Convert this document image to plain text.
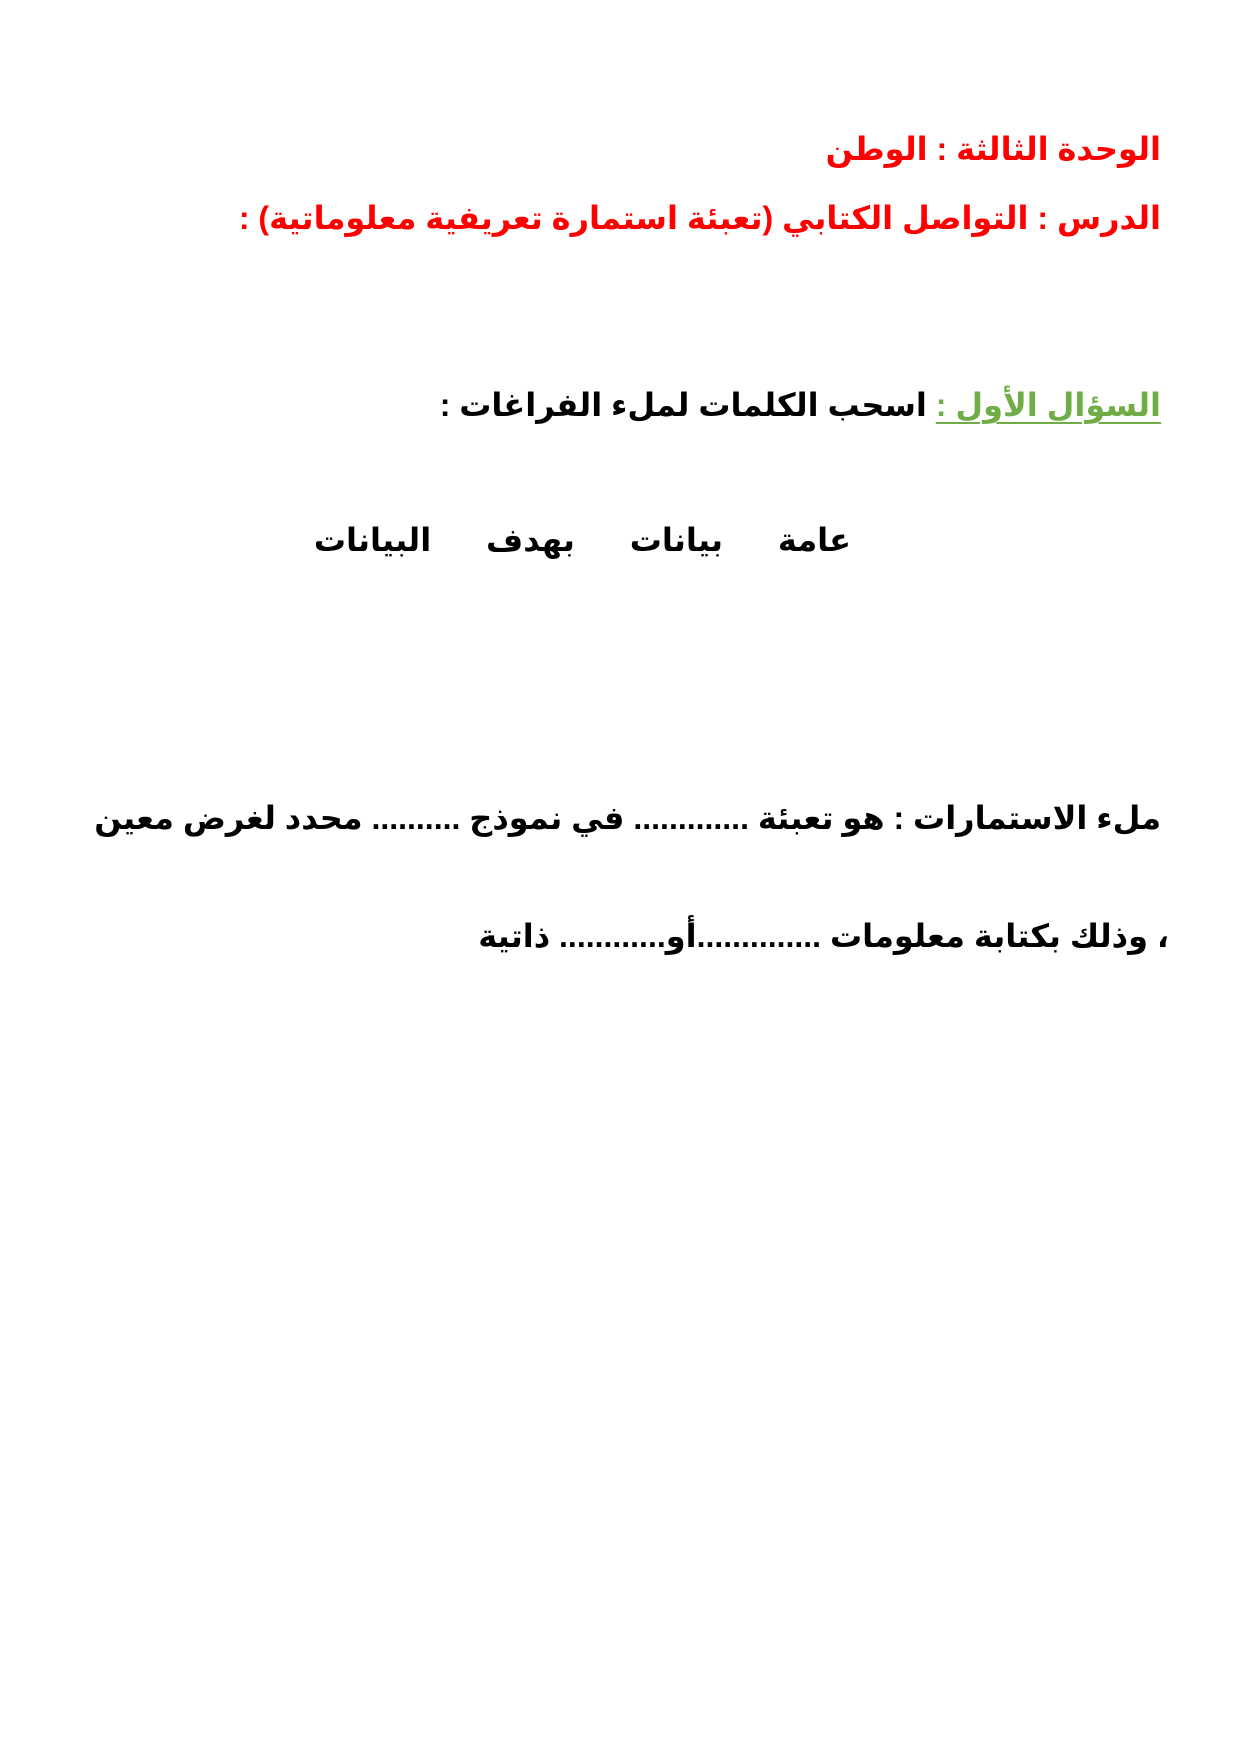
الوحدة الثالثة : الوطن
الدرس : التواصل الكتابي (تعبئة استمارة تعريفية معلوماتية) :
السؤال الأول : اسحب الكلمات لملء الفراغات :
عامة بيانات بهدف البيانات
ملء الاستمارات : هو تعبئة ............. في نموذج .......... محدد لغرض معين
، وذلك بكتابة معلومات ..............أو............ ذاتية
